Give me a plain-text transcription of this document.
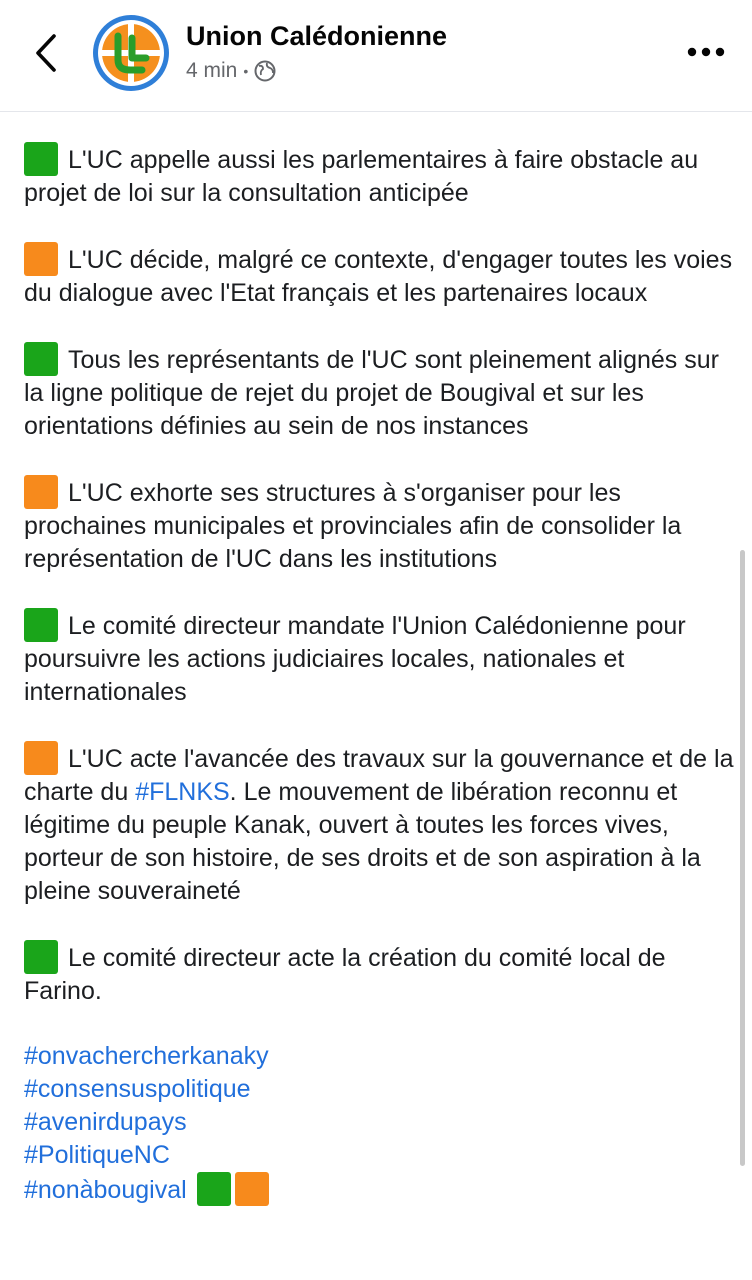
Union Calédonienne
4 min •

L'UC appelle aussi les parlementaires à faire obstacle au projet de loi sur la consultation anticipée

L'UC décide, malgré ce contexte, d'engager toutes les voies du dialogue avec l'Etat français et les partenaires locaux

Tous les représentants de l'UC sont pleinement alignés sur la ligne politique de rejet du projet de Bougival et sur les orientations définies au sein de nos instances

L'UC exhorte ses structures à s'organiser pour les prochaines municipales et provinciales afin de consolider la représentation de l'UC dans les institutions

Le comité directeur mandate l'Union Calédonienne pour poursuivre les actions judiciaires locales, nationales et internationales

L'UC acte l'avancée des travaux sur la gouvernance et de la charte du #FLNKS. Le mouvement de libération reconnu et légitime du peuple Kanak, ouvert à toutes les forces vives, porteur de son histoire, de ses droits et de son aspiration à la pleine souveraineté

Le comité directeur acte la création du comité local de Farino.

#onvachercherkanaky
#consensuspolitique
#avenirdupays
#PolitiqueNC
#nonàbougival
